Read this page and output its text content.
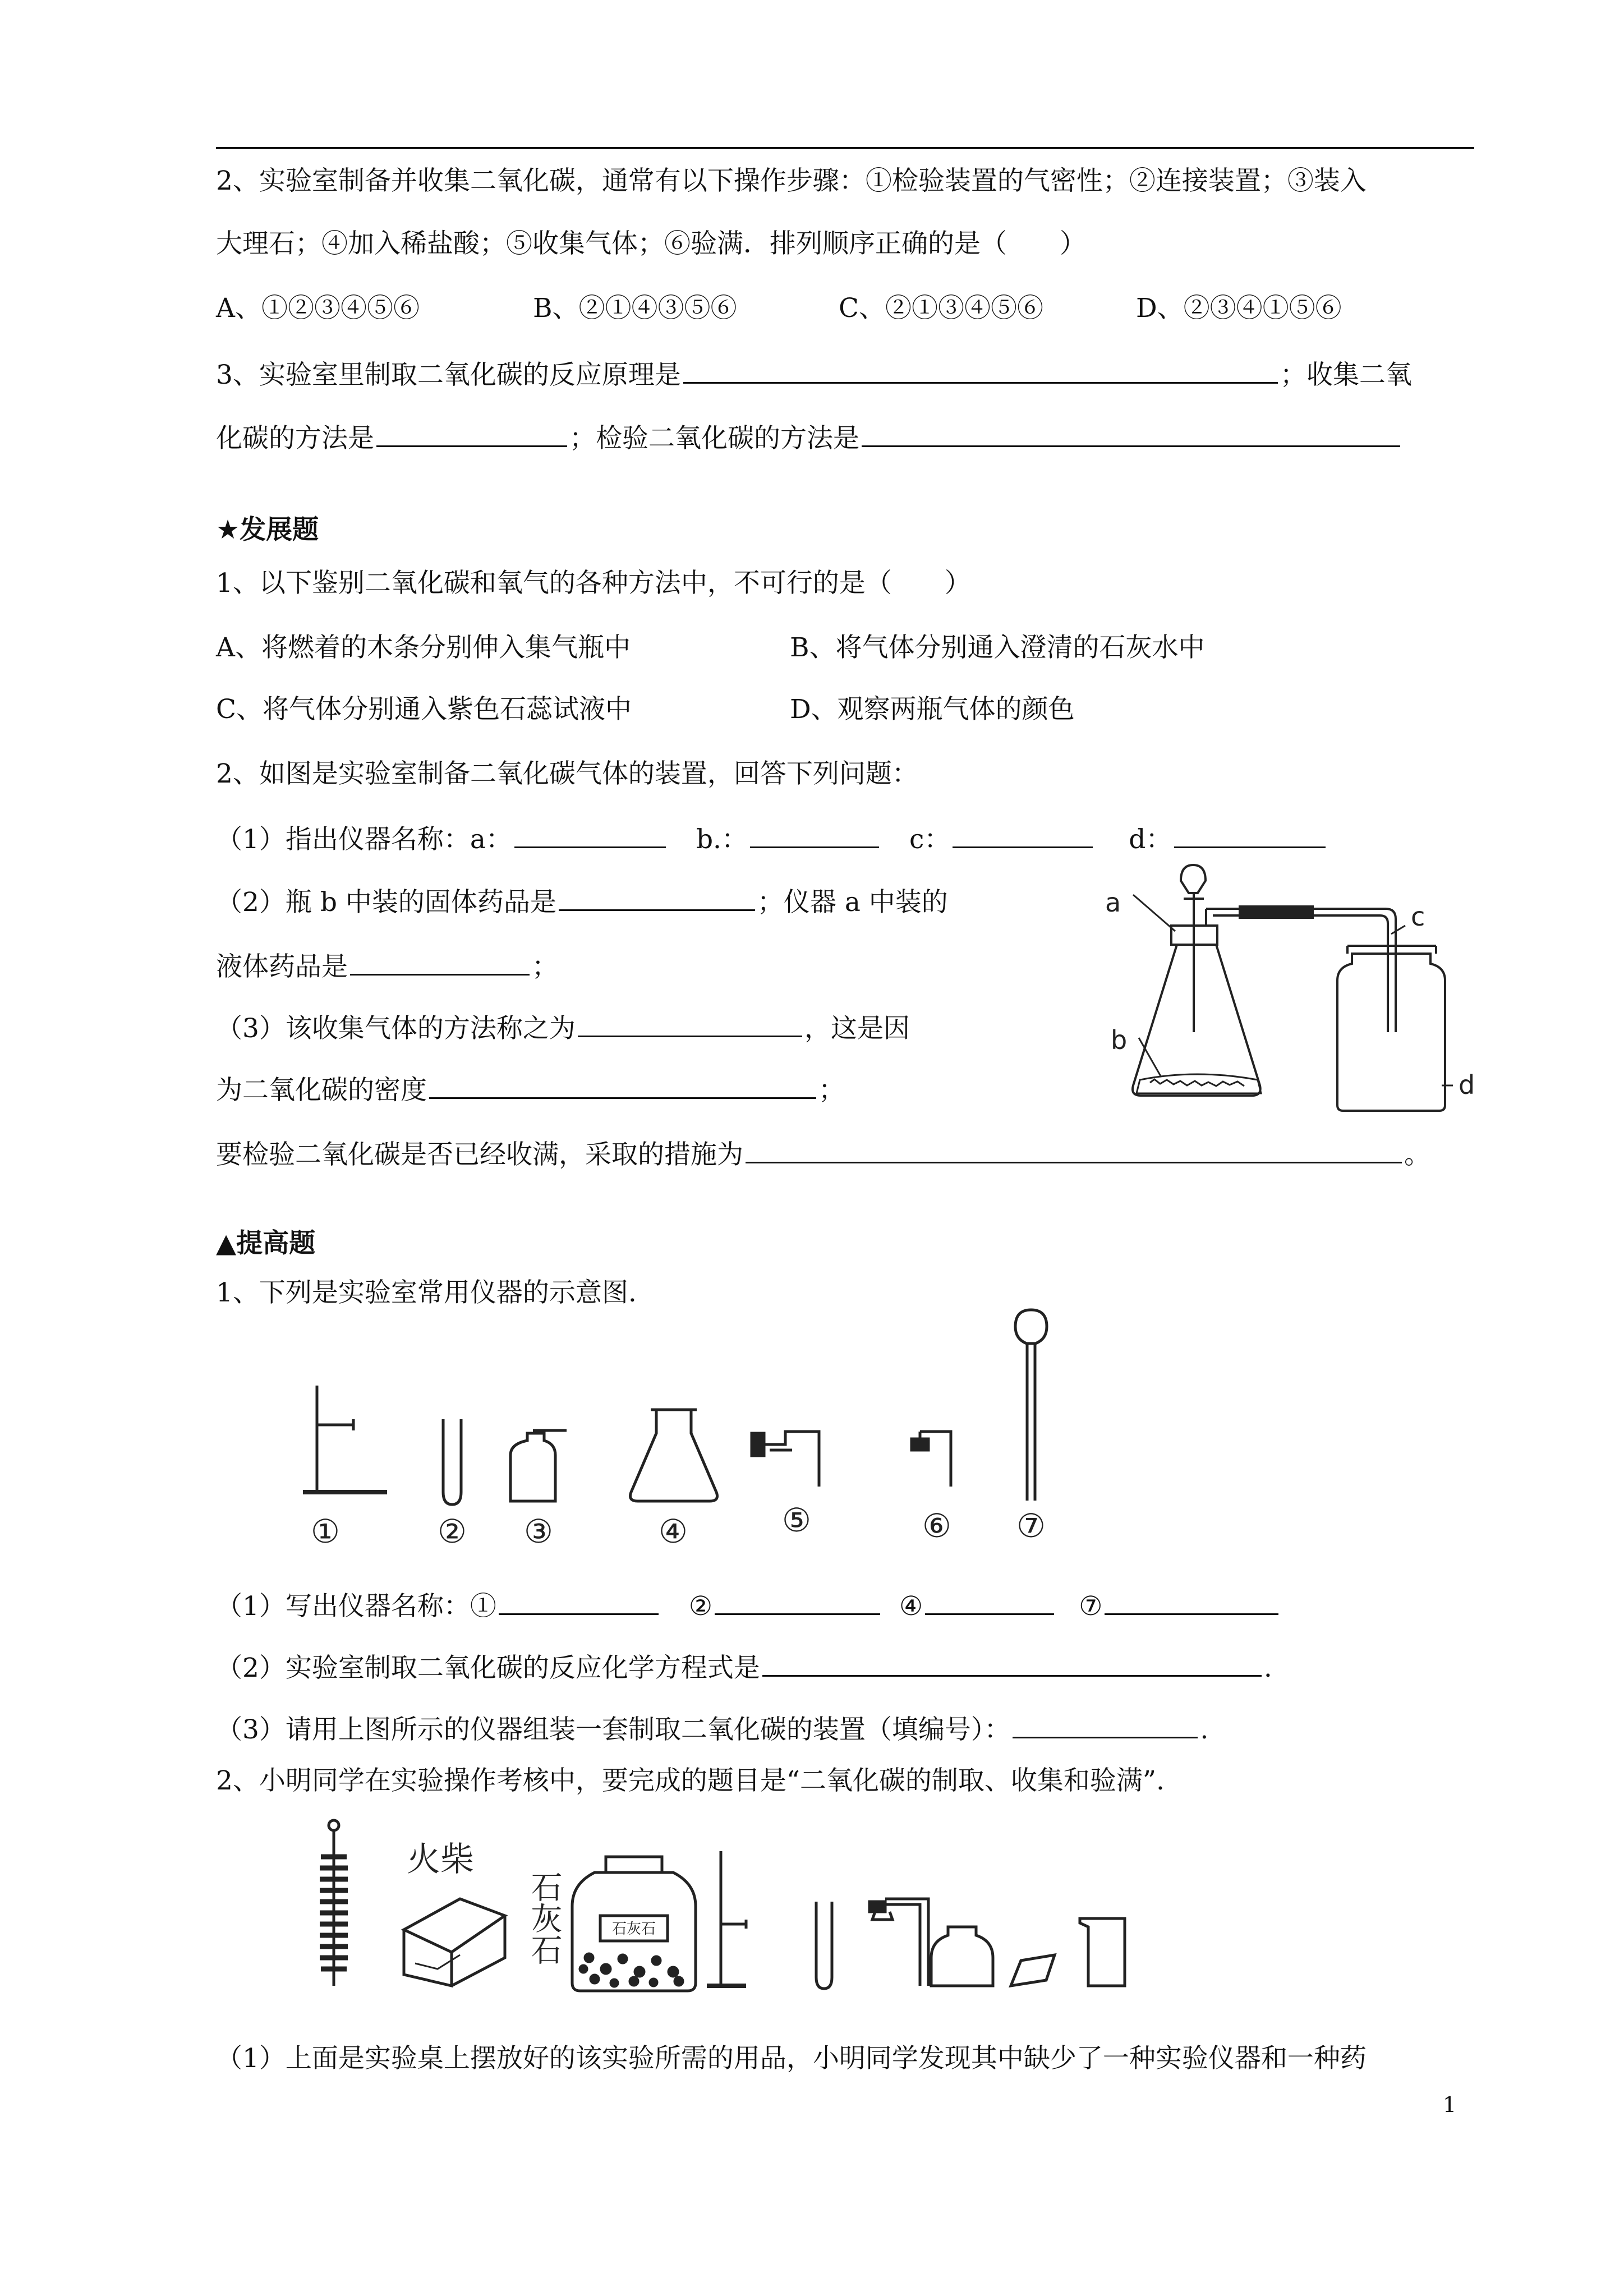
2、实验室制备并收集二氧化碳，通常有以下操作步骤：①检验装置的气密性；②连接装置；③装入
大理石；④加入稀盐酸；⑤收集气体；⑥验满．排列顺序正确的是（　　）
A、①②③④⑤⑥	B、②①④③⑤⑥	C、②①③④⑤⑥	D、②③④①⑤⑥
3、实验室里制取二氧化碳的反应原理是	；收集二氧
化碳的方法是	；检验二氧化碳的方法是
★发展题
1、以下鉴别二氧化碳和氧气的各种方法中，不可行的是（　　）
A、将燃着的木条分别伸入集气瓶中	B、将气体分别通入澄清的石灰水中
C、将气体分别通入紫色石蕊试液中	D、观察两瓶气体的颜色
2、如图是实验室制备二氧化碳气体的装置，回答下列问题：
（1）指出仪器名称：a：	b.：	c：	d：
（2）瓶 b 中装的固体药品是	；仪器 a 中装的
液体药品是	；
（3）该收集气体的方法称之为	，这是因
为二氧化碳的密度	；
要检验二氧化碳是否已经收满，采取的措施为	。
a	c
b
d
▲提高题
1、下列是实验室常用仪器的示意图.
①	② ③	④	⑤	⑥ ⑦
（1）写出仪器名称：①	②	④	⑦
（2）实验室制取二氧化碳的反应化学方程式是	.
（3）请用上图所示的仪器组装一套制取二氧化碳的装置（填编号）：	.
2、小明同学在实验操作考核中，要完成的题目是“二氧化碳的制取、收集和验满”.
火柴
石灰石	石灰石
（1）上面是实验桌上摆放好的该实验所需的用品，小明同学发现其中缺少了一种实验仪器和一种药
1
